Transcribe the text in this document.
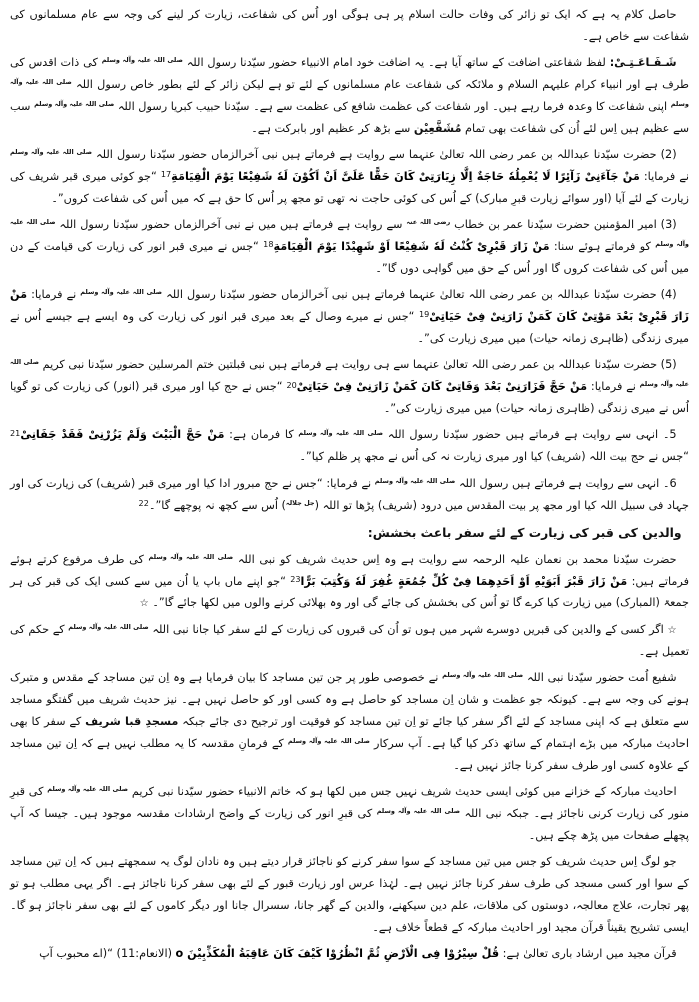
حاصل کلام یہ ہے کہ ایک تو زائر کی وفات حالت اسلام پر ہی ہوگی اور اُس کی شفاعت، زیارت کر لینے کی وجہ سے عام مسلمانوں کی شفاعت سے خاص ہے۔

شَـفَـاعَـتِـیْ: لفظ شفاعتی اضافت کے ساتھ آیا ہے۔ یہ اضافت خود امام الانبیاء حضور سیّدنا رسول اللہ $^{صلی اللہ علیہ وآلہ وسلم}$ کی ذات اقدس کی طرف ہے اور انبیاء کرام علیہم السلام و ملائکہ کی شفاعت عام مسلمانوں کے لئے تو ہے لیکن زائر کے لئے بطور خاص رسول اللہ $^{صلی اللہ علیہ وآلہ وسلم}$ اپنی شفاعت کا وعدہ فرما رہے ہیں۔ اور شفاعت کی عظمت شافع کی عظمت سے ہے۔ سیّدنا حبیب کبریا رسول اللہ $^{صلی اللہ علیہ وآلہ وسلم}$ سب سے عظیم ہیں اِس لئے اُن کی شفاعت بھی تمام مُشَفَّعِیْن سے بڑھ کر عظیم اور بابرکت ہے۔

(2) حضرت سیّدنا عبداللہ بن عمر رضی اللہ تعالیٰ عنہما سے روایت ہے فرماتے ہیں نبی آخرالزماں حضور سیّدنا رسول اللہ $^{صلی اللہ علیہ وآلہ وسلم}$ نے فرمایا: مَنْ جَآءَنِیْ زَآئِرًا لَا یُعْمِلُهٗ حَاجَةٌ اِلَّا زِیَارَتِیْ کَانَ حَقًّا عَلَیَّ اَنْ اَکُوْنَ لَهٗ شَفِیْعًا یَوْمَ الْقِیَامَةِ$^{17}$ “جو کوئی میری قبر شریف کی زیارت کے لئے آیا (اور سوائے زیارت قبرِ مبارک) کے اُس کی کوئی حاجت نہ تھی تو مجھ پر اُس کا حق ہے کہ میں اُس کی شفاعت کروں”۔

(3) امیر المؤمنین حضرت سیّدنا عمر بن خطاب $^{رضی اللہ عنہ}$ سے روایت ہے فرماتے ہیں میں نے نبی آخرالزماں حضور سیّدنا رسول اللہ $^{صلی اللہ علیہ وآلہ وسلم}$ کو فرماتے ہوئے سنا: مَنْ زَارَ قَبْرِیْ کُنْتُ لَهٗ شَفِیْعًا اَوْ شَهِیْدًا یَوْمَ الْقِیَامَةِ$^{18}$ “جس نے میری قبر انور کی زیارت کی قیامت کے دن میں اُس کی شفاعت کروں گا اور اُس کے حق میں گواہی دوں گا”۔

(4) حضرت سیّدنا عبداللہ بن عمر رضی اللہ تعالیٰ عنہما فرماتے ہیں نبی آخرالزماں حضور سیّدنا رسول اللہ $^{صلی اللہ علیہ وآلہ وسلم}$ نے فرمایا: مَنْ زَارَ قَبْرِیْ بَعْدَ مَوْتِیْ کَانَ کَمَنْ زَارَنِیْ فِیْ حَیَاتِیْ$^{19}$ “جس نے میرے وصال کے بعد میری قبر انور کی زیارت کی وہ ایسے ہے جیسے اُس نے میری زندگی (ظاہری زمانہ حیات) میں میری زیارت کی”۔

(5) حضرت سیّدنا عبداللہ بن عمر رضی اللہ تعالیٰ عنہما سے ہی روایت ہے فرماتے ہیں نبی قبلتین ختم المرسلین حضور سیّدنا نبی کریم $^{صلی اللہ علیہ وآلہ وسلم}$ نے فرمایا: مَنْ حَجَّ فَزَارَنِیْ بَعْدَ وَفَاتِیْ کَانَ کَمَنْ زَارَنِیْ فِیْ حَیَاتِیْ$^{20}$ “جس نے حج کیا اور میری قبر (انور) کی زیارت کی تو گویا اُس نے میری زندگی (ظاہری زمانہ حیات) میں میری زیارت کی”۔

5۔ انہی سے روایت ہے فرماتے ہیں حضور سیّدنا رسول اللہ $^{صلی اللہ علیہ وآلہ وسلم}$ کا فرمان ہے: مَنْ حَجَّ الْبَیْتَ وَلَمْ یَزُرْنِیْ فَقَدْ جَفَانِیْ$^{21}$ “جس نے حج بیت اللہ (شریف) کیا اور میری زیارت نہ کی اُس نے مجھ پر ظلم کیا”۔

6۔ انہی سے روایت ہے فرماتے ہیں رسول اللہ $^{صلی اللہ علیہ وآلہ وسلم}$ نے فرمایا: “جس نے حج مبرور ادا کیا اور میری قبر (شریف) کی زیارت کی اور جہاد فی سبیل اللہ کیا اور مجھ پر بیت المقدس میں درود (شریف) پڑھا تو اللہ ($^{جل جلالہ}$) اُس سے کچھ نہ پوچھے گا”۔$^{22}$

والدین کی قبر کی زیارت کے لئے سفر باعث بخشش:

حضرت سیّدنا محمد بن نعمان علیہ الرحمہ سے روایت ہے وہ اِس حدیث شریف کو نبی اللہ $^{صلی اللہ علیہ وآلہ وسلم}$ کی طرف مرفوع کرتے ہوئے فرماتے ہیں: مَنْ زَارَ قَبْرَ اَبَوَیْهِ اَوْ اَحَدِهِمَا فِیْ کُلِّ جُمُعَةٍ غُفِرَ لَهٗ وَکُتِبَ بَرًّا$^{23}$ “جو اپنے ماں باپ یا اُن میں سے کسی ایک کی قبر کی ہر جمعۃ (المبارک) میں زیارت کیا کرے گا تو اُس کی بخشش کی جائے گی اور وہ بھلائی کرنے والوں میں لکھا جائے گا”۔ ☆

☆ اگر کسی کے والدین کی قبریں دوسرے شہر میں ہوں تو اُن کی قبروں کی زیارت کے لئے سفر کیا جانا نبی اللہ $^{صلی اللہ علیہ وآلہ وسلم}$ کے حکم کی تعمیل ہے۔

شفیع اُمت حضور سیّدنا نبی اللہ $^{صلی اللہ علیہ وآلہ وسلم}$ نے خصوصی طور پر جن تین مساجد کا بیان فرمایا ہے وہ اِن تین مساجد کے مقدس و متبرک ہونے کی وجہ سے ہے۔ کیونکہ جو عظمت و شان اِن مساجد کو حاصل ہے وہ کسی اور کو حاصل نہیں ہے۔ نیز حدیث شریف میں گفتگو مساجد سے متعلق ہے کہ اپنی مساجد کے لئے اگر سفر کیا جائے تو اِن تین مساجد کو فوقیت اور ترجیح دی جائے جبکہ مسجدِ قبا شریف کے سفر کا بھی احادیث مبارکہ میں بڑے اہتمام کے ساتھ ذکر کیا گیا ہے۔ آپ سرکار $^{صلی اللہ علیہ وآلہ وسلم}$ کے فرمانِ مقدسہ کا یہ مطلب نہیں ہے کہ اِن تین مساجد کے علاوہ کسی اور طرف سفر کرنا جائز نہیں ہے۔

احادیث مبارکہ کے خزانے میں کوئی ایسی حدیث شریف نہیں جس میں لکھا ہو کہ خاتم الانبیاء حضور سیّدنا نبی کریم $^{صلی اللہ علیہ وآلہ وسلم}$ کی قبرِ منور کی زیارت کرنی ناجائز ہے۔ جبکہ نبی اللہ $^{صلی اللہ علیہ وآلہ وسلم}$ کی قبرِ انور کی زیارت کے واضح ارشادات مقدسہ موجود ہیں۔ جیسا کہ آپ پچھلے صفحات میں پڑھ چکے ہیں۔

جو لوگ اِس حدیث شریف کو جس میں تین مساجد کے سوا سفر کرنے کو ناجائز قرار دیتے ہیں وہ نادان لوگ یہ سمجھتے ہیں کہ اِن تین مساجد کے سوا اور کسی مسجد کی طرف سفر کرنا جائز نہیں ہے۔ لہٰذا عرس اور زیارت قبور کے لئے بھی سفر کرنا ناجائز ہے۔ اگر یہی مطلب ہو تو پھر تجارت، علاج معالجہ، دوستوں کی ملاقات، علم دین سیکھنے، والدین کے گھر جانا، سسرال جانا اور دیگر کاموں کے لئے بھی سفر ناجائز ہو گا۔ ایسی تشریح یقیناً قرآن مجید اور احادیث مبارکہ کے قطعاً خلاف ہے۔

قرآن مجید میں ارشاد باری تعالیٰ ہے: قُلْ سِیْرُوْا فِی الْاَرْضِ ثُمَّ انْظُرُوْا کَیْفَ کَانَ عَاقِبَةُ الْمُکَذِّبِیْنَ o (الانعام:11) “(اے محبوب آپ
